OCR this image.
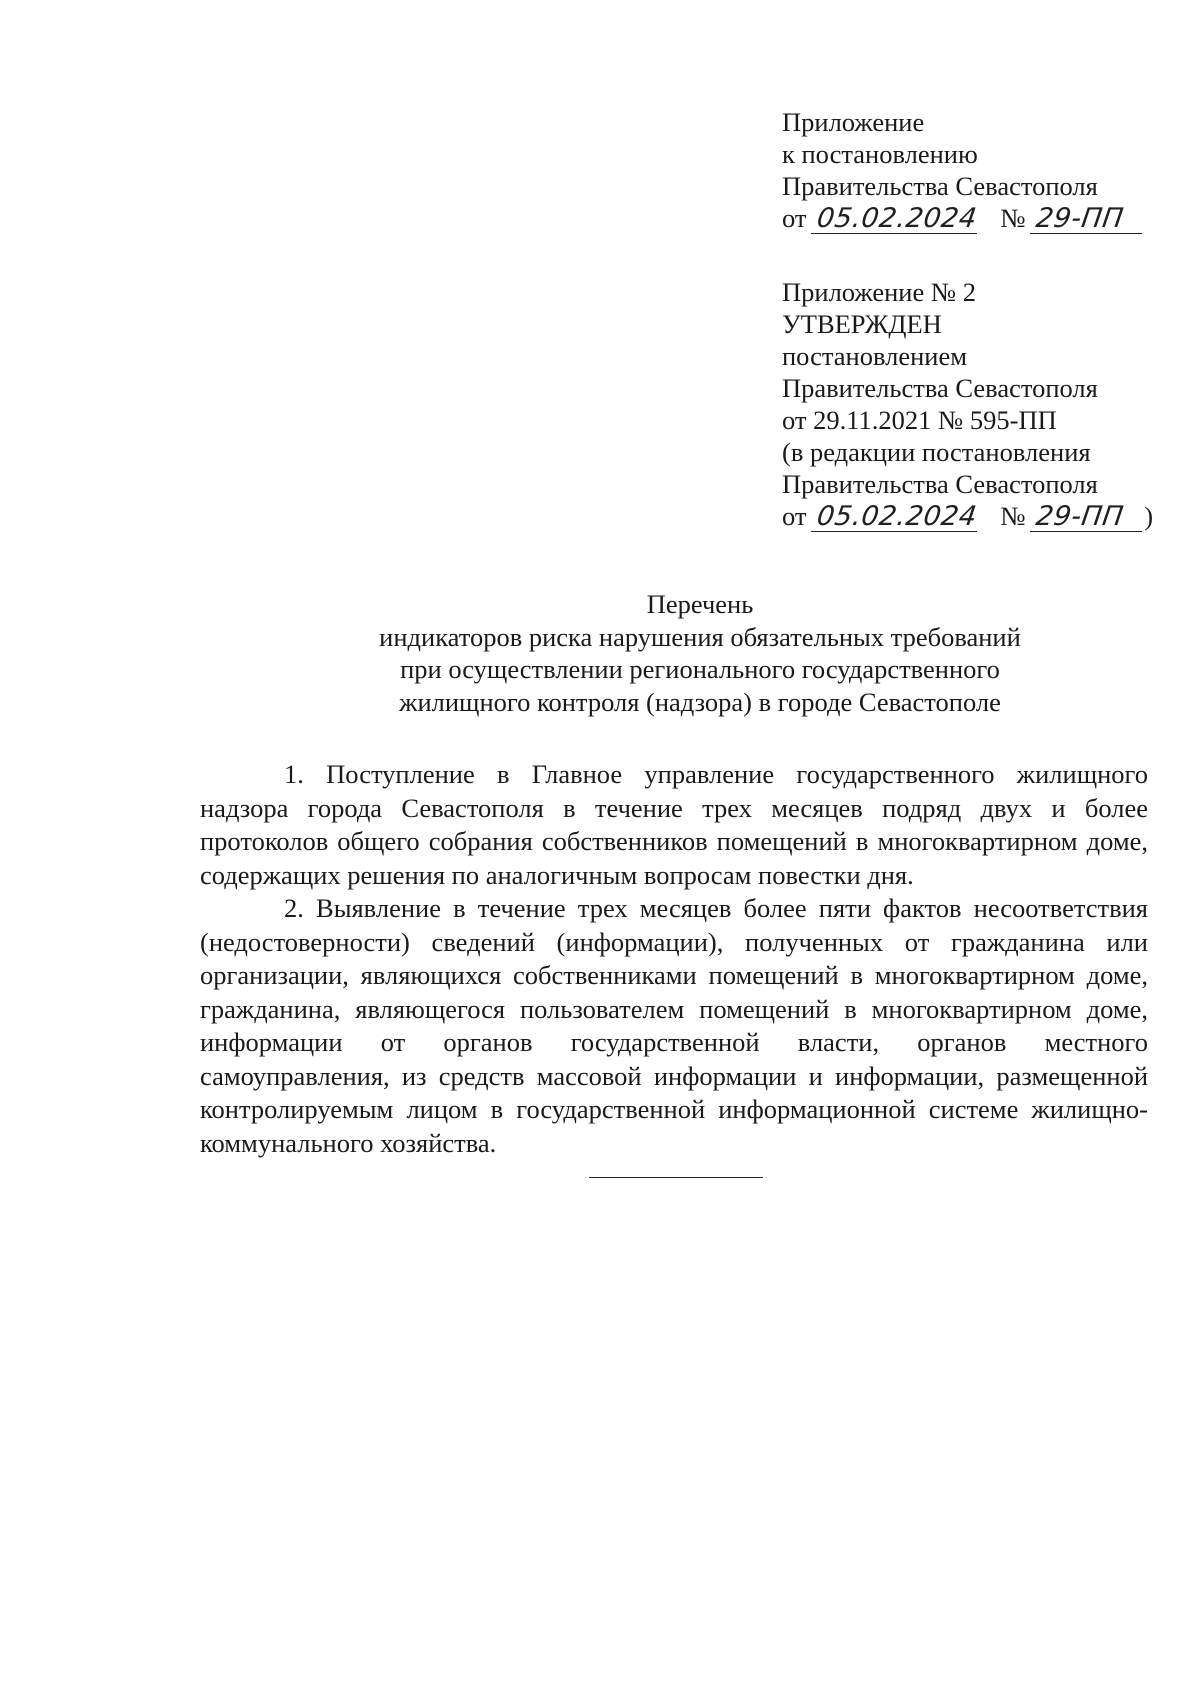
Приложение
к постановлению
Правительства Севастополя
от 05.02.2024 № 29-ПП
Приложение № 2
УТВЕРЖДЕН
постановлением
Правительства Севастополя
от 29.11.2021 № 595-ПП
(в редакции постановления
Правительства Севастополя
от 05.02.2024 № 29-ПП )
Перечень
индикаторов риска нарушения обязательных требований
при осуществлении регионального государственного
жилищного контроля (надзора) в городе Севастополе

1. Поступление в Главное управление государственного жилищного надзора города Севастополя в течение трех месяцев подряд двух и более протоколов общего собрания собственников помещений в многоквартирном доме, содержащих решения по аналогичным вопросам повестки дня.

2. Выявление в течение трех месяцев более пяти фактов несоответствия (недостоверности) сведений (информации), полученных от гражданина или организации, являющихся собственниками помещений в многоквартирном доме, гражданина, являющегося пользователем помещений в многоквартирном доме, информации от органов государственной власти, органов местного самоуправления, из средств массовой информации и информации, размещенной контролируемым лицом в государственной информационной системе жилищно-коммунального хозяйства.
